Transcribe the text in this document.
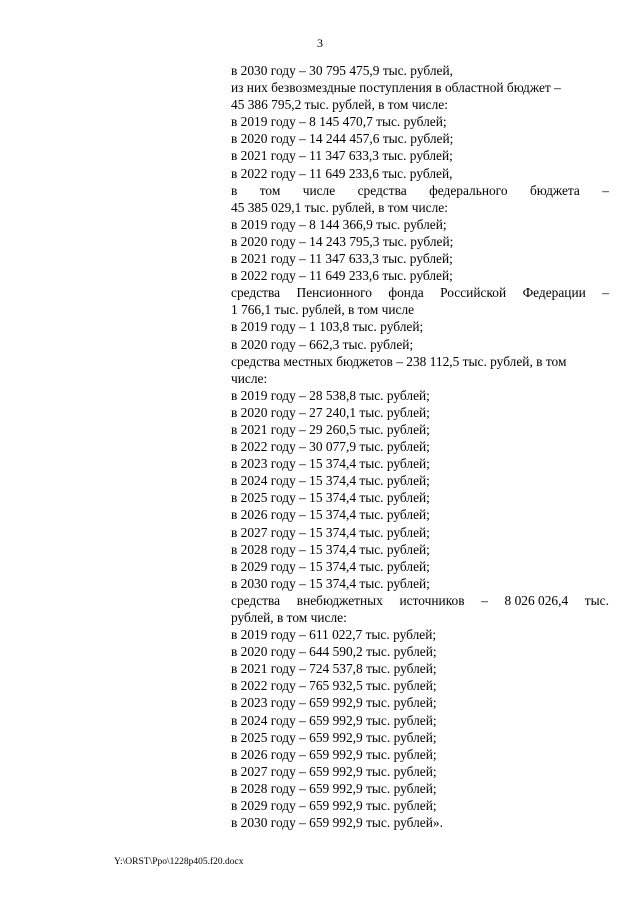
3
в 2030 году – 30 795 475,9 тыс. рублей,
из них безвозмездные поступления в областной бюджет –
45 386 795,2 тыс. рублей, в том числе:
в 2019 году – 8 145 470,7 тыс. рублей;
в 2020 году – 14 244 457,6 тыс. рублей;
в 2021 году – 11 347 633,3 тыс. рублей;
в 2022 году – 11 649 233,6 тыс. рублей,
в том числе средства федерального бюджета –
45 385 029,1 тыс. рублей, в том числе:
в 2019 году – 8 144 366,9 тыс. рублей;
в 2020 году – 14 243 795,3 тыс. рублей;
в 2021 году – 11 347 633,3 тыс. рублей;
в 2022 году – 11 649 233,6 тыс. рублей;
средства Пенсионного фонда Российской Федерации –
1 766,1 тыс. рублей, в том числе
в 2019 году – 1 103,8 тыс. рублей;
в 2020 году – 662,3 тыс. рублей;
средства местных бюджетов – 238 112,5 тыс. рублей, в том
числе:
в 2019 году – 28 538,8 тыс. рублей;
в 2020 году – 27 240,1 тыс. рублей;
в 2021 году – 29 260,5 тыс. рублей;
в 2022 году – 30 077,9 тыс. рублей;
в 2023 году – 15 374,4 тыс. рублей;
в 2024 году – 15 374,4 тыс. рублей;
в 2025 году – 15 374,4 тыс. рублей;
в 2026 году – 15 374,4 тыс. рублей;
в 2027 году – 15 374,4 тыс. рублей;
в 2028 году – 15 374,4 тыс. рублей;
в 2029 году – 15 374,4 тыс. рублей;
в 2030 году – 15 374,4 тыс. рублей;
средства внебюджетных источников – 8 026 026,4 тыс.
рублей, в том числе:
в 2019 году – 611 022,7 тыс. рублей;
в 2020 году – 644 590,2 тыс. рублей;
в 2021 году – 724 537,8 тыс. рублей;
в 2022 году – 765 932,5 тыс. рублей;
в 2023 году – 659 992,9 тыс. рублей;
в 2024 году – 659 992,9 тыс. рублей;
в 2025 году – 659 992,9 тыс. рублей;
в 2026 году – 659 992,9 тыс. рублей;
в 2027 году – 659 992,9 тыс. рублей;
в 2028 году – 659 992,9 тыс. рублей;
в 2029 году – 659 992,9 тыс. рублей;
в 2030 году – 659 992,9 тыс. рублей».
Y:\ORST\Ppo\1228p405.f20.docx
